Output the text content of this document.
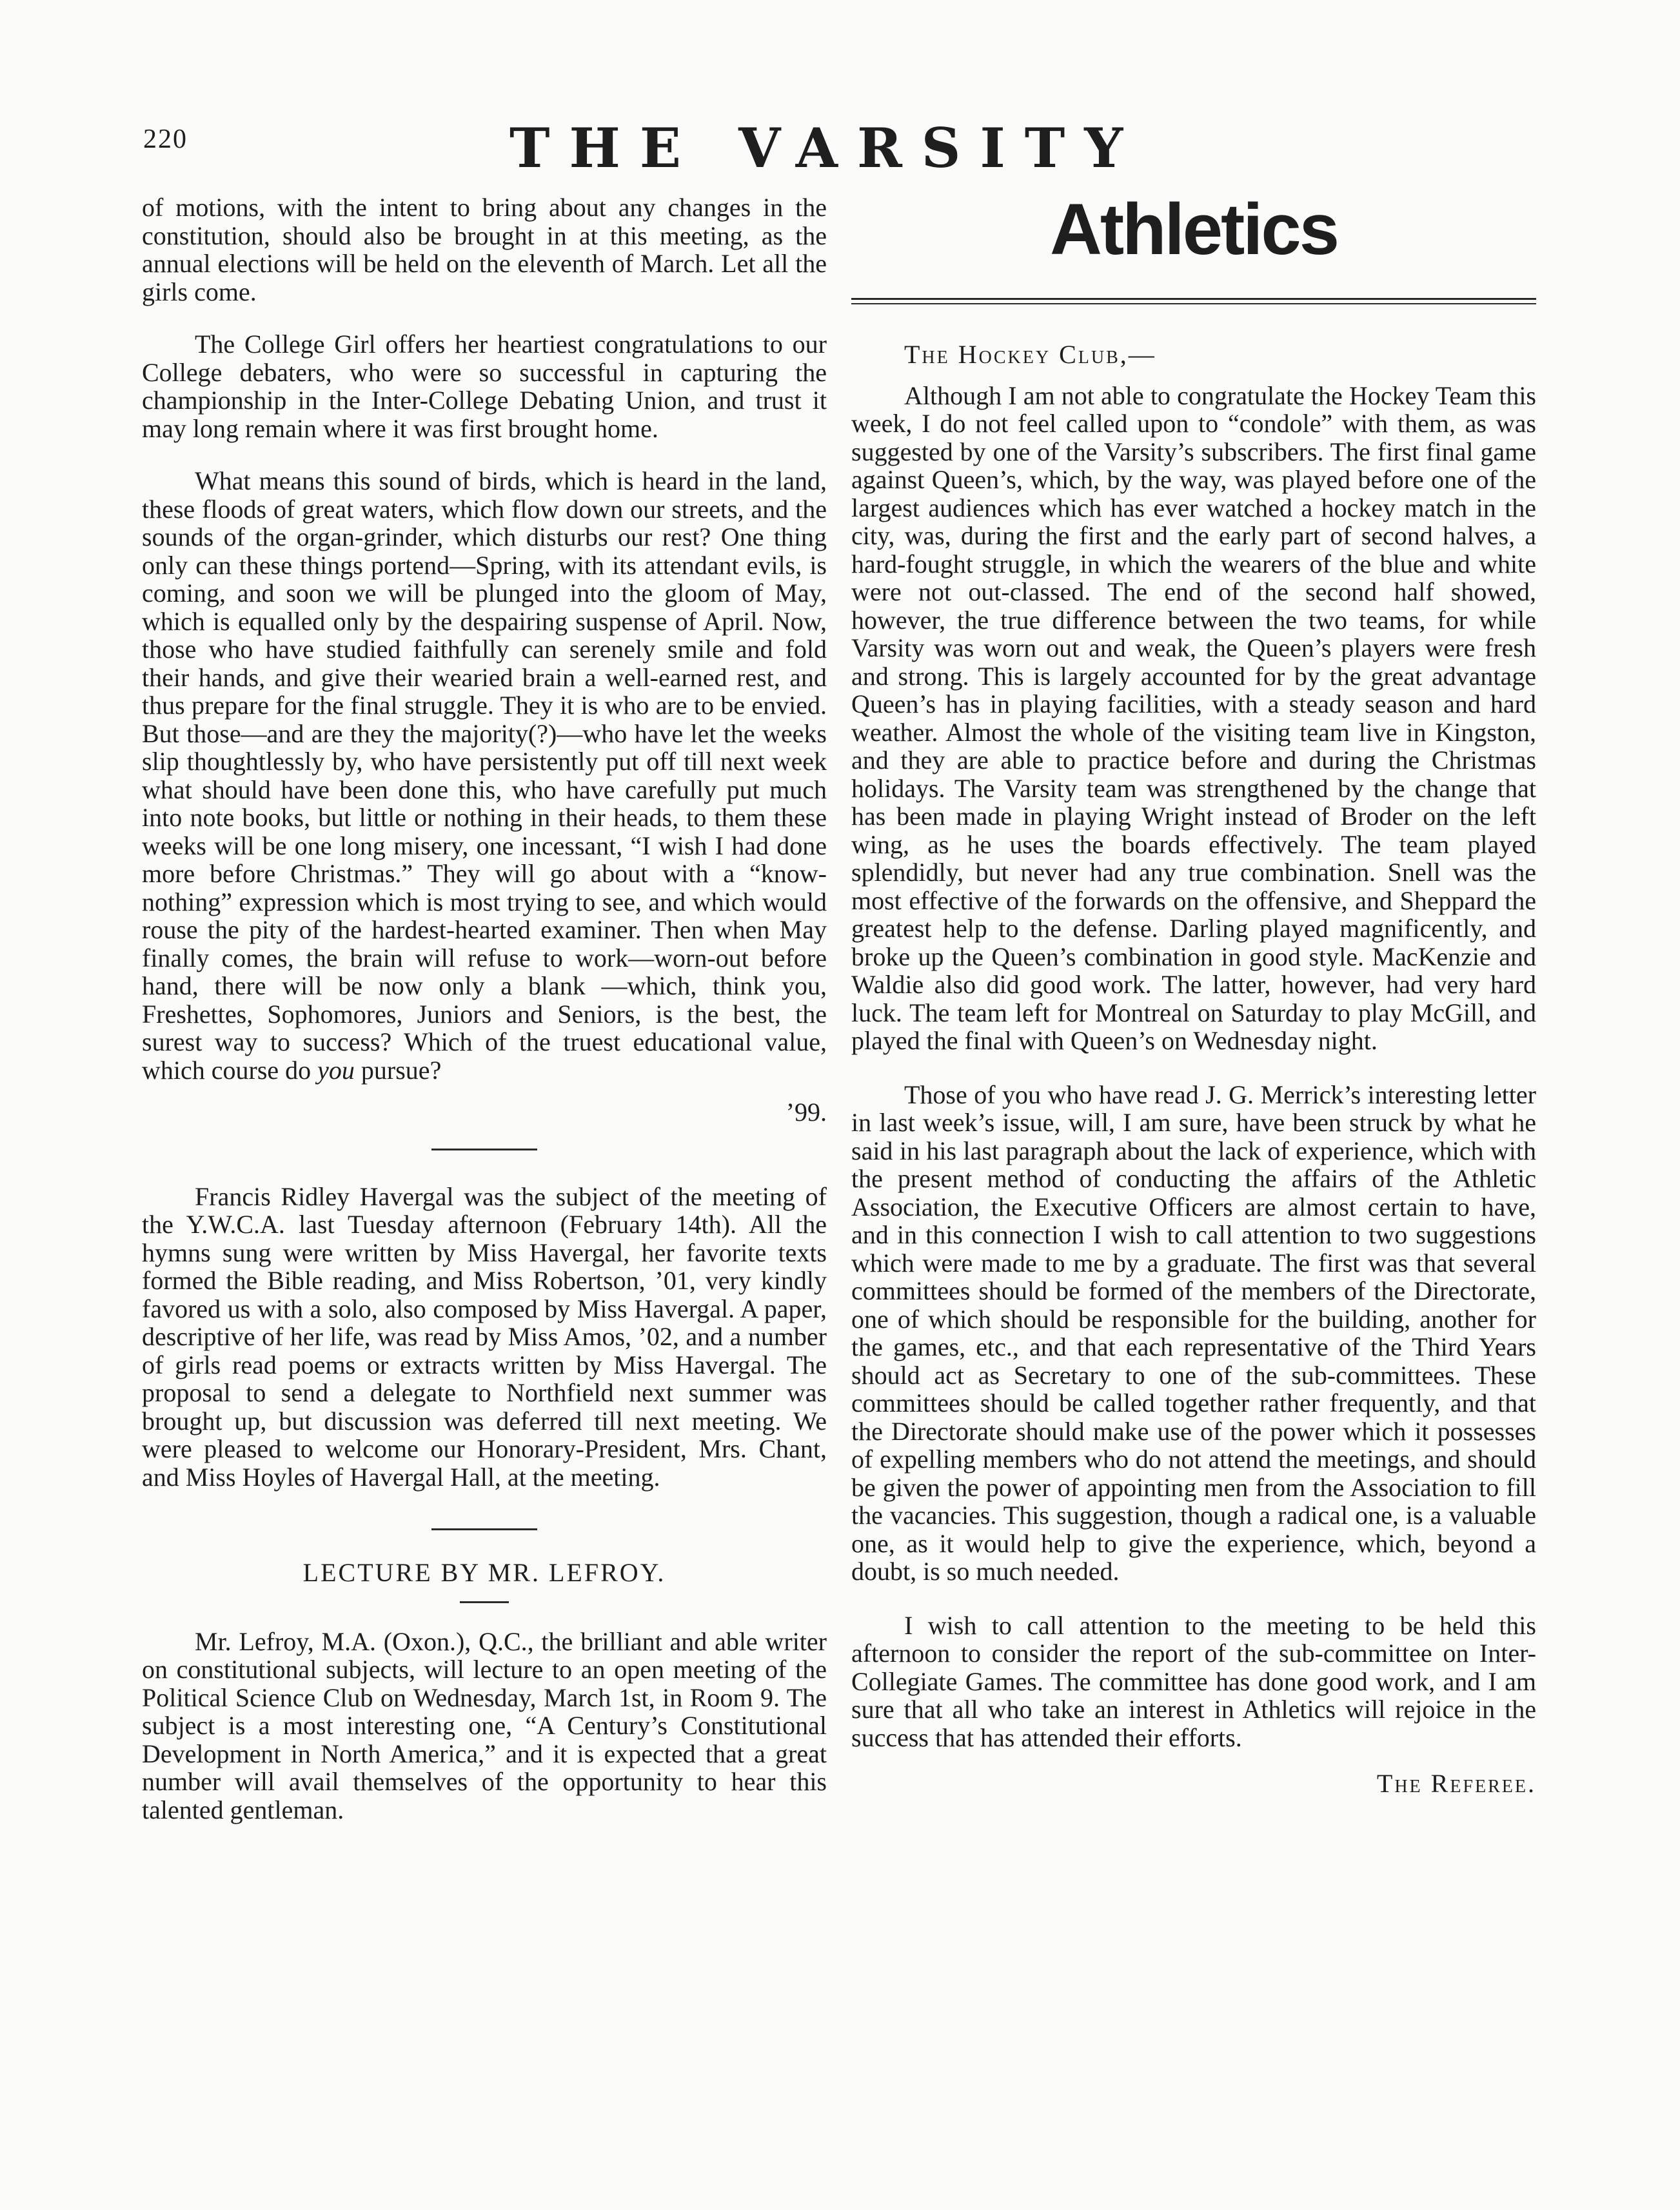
220	THE VARSITY

of motions, with the intent to bring about any changes in the constitution, should also be brought in at this meeting, as the annual elections will be held on the eleventh of March. Let all the girls come.

The College Girl offers her heartiest congratulations to our College debaters, who were so successful in capturing the championship in the Inter-College Debating Union, and trust it may long remain where it was first brought home.

What means this sound of birds, which is heard in the land, these floods of great waters, which flow down our streets, and the sounds of the organ-grinder, which disturbs our rest? One thing only can these things portend—Spring, with its attendant evils, is coming, and soon we will be plunged into the gloom of May, which is equalled only by the despairing suspense of April. Now, those who have studied faithfully can serenely smile and fold their hands, and give their wearied brain a well-earned rest, and thus prepare for the final struggle. They it is who are to be envied. But those—and are they the majority(?)—who have let the weeks slip thoughtlessly by, who have persistently put off till next week what should have been done this, who have carefully put much into note books, but little or nothing in their heads, to them these weeks will be one long misery, one incessant, “I wish I had done more before Christmas.” They will go about with a “know-nothing” expression which is most trying to see, and which would rouse the pity of the hardest-hearted examiner. Then when May finally comes, the brain will refuse to work—worn-out before hand, there will be now only a blank —which, think you, Freshettes, Sophomores, Juniors and Seniors, is the best, the surest way to success? Which of the truest educational value, which course do you pursue?

’99.

Francis Ridley Havergal was the subject of the meeting of the Y.W.C.A. last Tuesday afternoon (February 14th). All the hymns sung were written by Miss Havergal, her favorite texts formed the Bible reading, and Miss Robertson, ’01, very kindly favored us with a solo, also composed by Miss Havergal. A paper, descriptive of her life, was read by Miss Amos, ’02, and a number of girls read poems or extracts written by Miss Havergal. The proposal to send a delegate to Northfield next summer was brought up, but discussion was deferred till next meeting. We were pleased to welcome our Honorary-President, Mrs. Chant, and Miss Hoyles of Havergal Hall, at the meeting.

LECTURE BY MR. LEFROY.

Mr. Lefroy, M.A. (Oxon.), Q.C., the brilliant and able writer on constitutional subjects, will lecture to an open meeting of the Political Science Club on Wednesday, March 1st, in Room 9. The subject is a most interesting one, “A Century’s Constitutional Development in North America,” and it is expected that a great number will avail themselves of the opportunity to hear this talented gentleman.

Athletics

The Hockey Club,—

Although I am not able to congratulate the Hockey Team this week, I do not feel called upon to “condole” with them, as was suggested by one of the Varsity’s subscribers. The first final game against Queen’s, which, by the way, was played before one of the largest audiences which has ever watched a hockey match in the city, was, during the first and the early part of second halves, a hard-fought struggle, in which the wearers of the blue and white were not out-classed. The end of the second half showed, however, the true difference between the two teams, for while Varsity was worn out and weak, the Queen’s players were fresh and strong. This is largely accounted for by the great advantage Queen’s has in playing facilities, with a steady season and hard weather. Almost the whole of the visiting team live in Kingston, and they are able to practice before and during the Christmas holidays. The Varsity team was strengthened by the change that has been made in playing Wright instead of Broder on the left wing, as he uses the boards effectively. The team played splendidly, but never had any true combination. Snell was the most effective of the forwards on the offensive, and Sheppard the greatest help to the defense. Darling played magnificently, and broke up the Queen’s combination in good style. MacKenzie and Waldie also did good work. The latter, however, had very hard luck. The team left for Montreal on Saturday to play McGill, and played the final with Queen’s on Wednesday night.

Those of you who have read J. G. Merrick’s interesting letter in last week’s issue, will, I am sure, have been struck by what he said in his last paragraph about the lack of experience, which with the present method of conducting the affairs of the Athletic Association, the Executive Officers are almost certain to have, and in this connection I wish to call attention to two suggestions which were made to me by a graduate. The first was that several committees should be formed of the members of the Directorate, one of which should be responsible for the building, another for the games, etc., and that each representative of the Third Years should act as Secretary to one of the sub-committees. These committees should be called together rather frequently, and that the Directorate should make use of the power which it possesses of expelling members who do not attend the meetings, and should be given the power of appointing men from the Association to fill the vacancies. This suggestion, though a radical one, is a valuable one, as it would help to give the experience, which, beyond a doubt, is so much needed.

I wish to call attention to the meeting to be held this afternoon to consider the report of the sub-committee on Inter-Collegiate Games. The committee has done good work, and I am sure that all who take an interest in Athletics will rejoice in the success that has attended their efforts.

The Referee.
